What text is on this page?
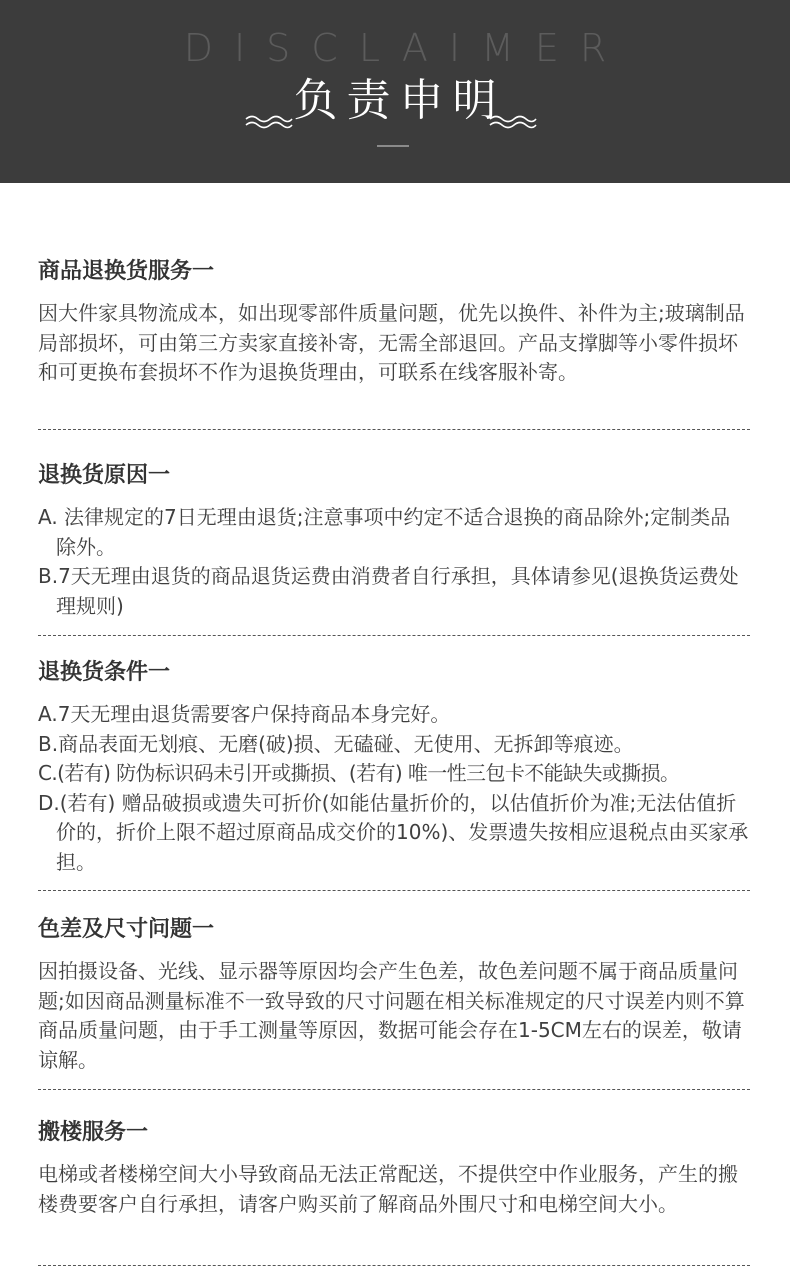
DISCLAIMER
负责申明
商品退换货服务一

因大件家具物流成本，如出现零部件质量问题，优先以换件、补件为主;玻璃制品局部损坏，可由第三方卖家直接补寄，无需全部退回。产品支撑脚等小零件损坏和可更换布套损坏不作为退换货理由，可联系在线客服补寄。

退换货原因一

A. 法律规定的7日无理由退货;注意事项中约定不适合退换的商品除外;定制类品除外。

B.7天无理由退货的商品退货运费由消费者自行承担，具体请参见(退换货运费处理规则)

退换货条件一

A.7天无理由退货需要客户保持商品本身完好。

B.商品表面无划痕、无磨(破)损、无磕碰、无使用、无拆卸等痕迹。

C.(若有) 防伪标识码未引开或撕损、(若有) 唯一性三包卡不能缺失或撕损。

D.(若有) 赠品破损或遗失可折价(如能估量折价的，以估值折价为准;无法估值折价的，折价上限不超过原商品成交价的10%)、发票遗失按相应退税点由买家承担。

色差及尺寸问题一

因拍摄设备、光线、显示器等原因均会产生色差，故色差问题不属于商品质量问题;如因商品测量标准不一致导致的尺寸问题在相关标准规定的尺寸误差内则不算商品质量问题，由于手工测量等原因，数据可能会存在1-5CM左右的误差，敬请谅解。

搬楼服务一

电梯或者楼梯空间大小导致商品无法正常配送，不提供空中作业服务，产生的搬楼费要客户自行承担，请客户购买前了解商品外围尺寸和电梯空间大小。
